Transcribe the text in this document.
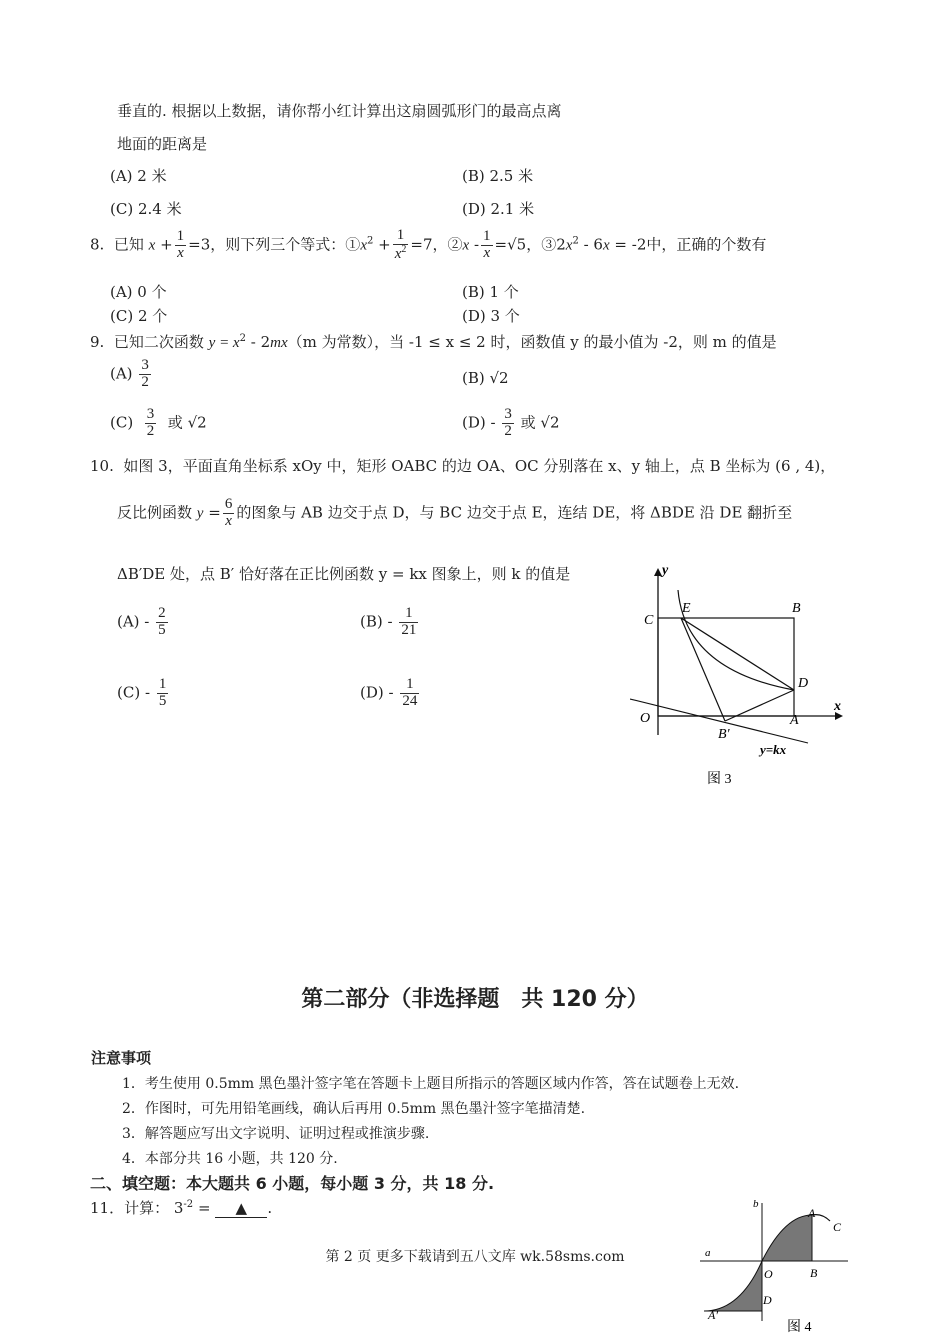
垂直的. 根据以上数据，请你帮小红计算出这扇圆弧形门的最高点离
地面的距离是
(A) 2 米	(B) 2.5 米
(C) 2.4 米	(D) 2.1 米
8. 已知 $x + \frac{1}{x} =3$，则下列三个等式：$①x^2 + \frac{1}{x^2} =7$，②x - $\frac{1}{x} =√5$，$③2x^2 - 6x = -2$中，正确的个数有
(A) 0 个	(B) 1 个
(C) 2 个	(D) 3 个
9. 已知二次函数 $y = x^2 - 2mx(m$ 为常数），当 -1 ≤ x ≤ 2 时，函数值 y 的最小值为 -2，则 m 的值是
$(A) \frac{3}{2}$	(B) √2
$(C) \frac{3}{2}$ 或 √2	$(D) - \frac{3}{2}$ 或 √2
10. 如图 3，平面直角坐标系 xOy 中，矩形 OABC 的边 OA、OC 分别落在 x、y 轴上，点 B 坐标为 (6 , 4)，
反比例函数 $y = \frac{6}{x}$ 的图象与 AB 边交于点 D，与 BC 边交于点 E，连结 DE，将 ΔBDE 沿 DE 翻折至
ΔB′DE 处，点 B′ 恰好落在正比例函数 y = kx 图象上，则 k 的值是
$(A) - \frac{2}{5}$	$(B) - \frac{1}{21}$
$(C) - \frac{1}{5}$	$(D) - \frac{1}{24}$
y
x
C
E	B
D
O	A
B′
y=kx
图 3
第二部分（非选择题　共 120 分）
注意事项
1．考生使用 0.5mm 黑色墨汁签字笔在答题卡上题目所指示的答题区域内作答，答在试题卷上无效.
2．作图时，可先用铅笔画线，确认后再用 0.5mm 黑色墨汁签字笔描清楚.
3．解答题应写出文字说明、证明过程或推演步骤.
4．本部分共 16 小题，共 120 分.
二、填空题：本大题共 6 小题，每小题 3 分，共 18 分.
11．计算： $3^{-2}$ = ▲ .
第 2 页 更多下载请到五八文库 wk.58sms.com
b
a
A
C
O	B
D
A′
图 4
